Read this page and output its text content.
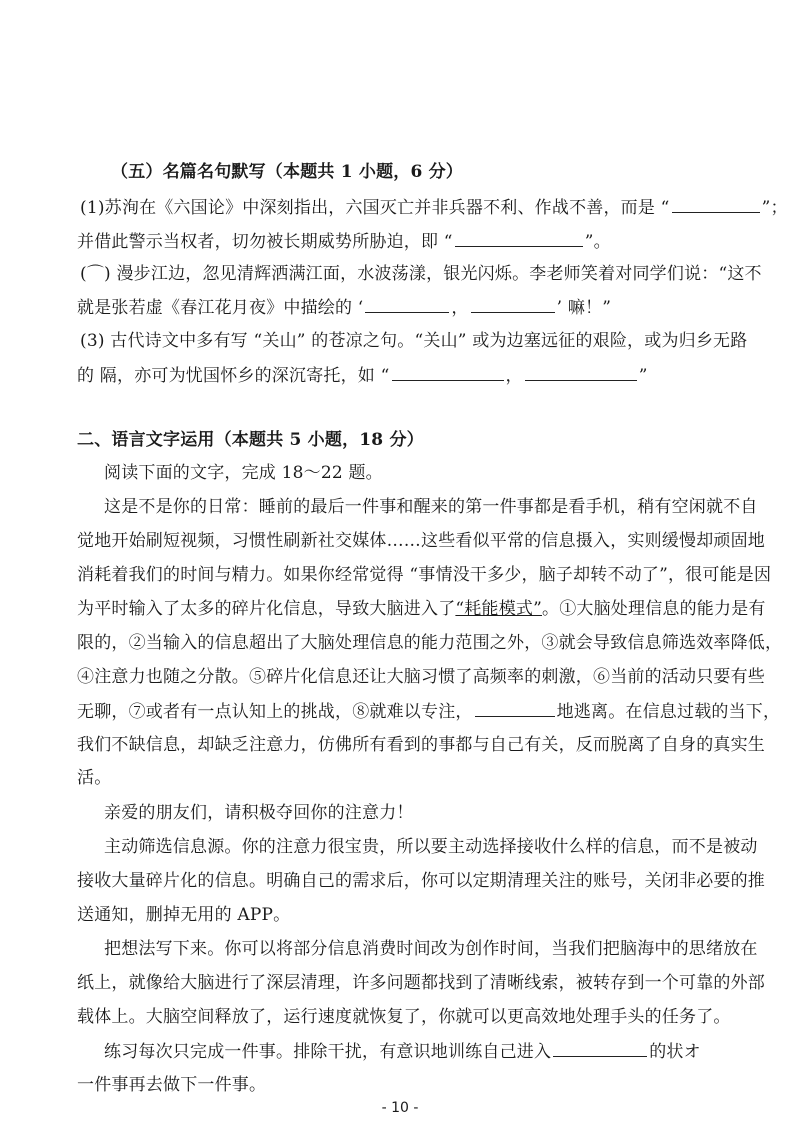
（五）名篇名句默写（本题共 1 小题，6 分）
(1)苏洵在《六国论》中深刻指出，六国灭亡并非兵器不利、作战不善，而是 “	”；
并借此警示当权者，切勿被长期威势所胁迫，即 “	”。
(⌒) 漫步江边，忽见清辉洒满江面，水波荡漾，银光闪烁。李老师笑着对同学们说：“这不
就是张若虚《春江花月夜》中描绘的 ‘	，	’ 嘛！”
(3) 古代诗文中多有写 “关山” 的苍凉之句。“关山” 或为边塞远征的艰险，或为归乡无路
的 隔，亦可为忧国怀乡的深沉寄托，如 “	，	”
二、语言文字运用（本题共 5 小题，18 分）
阅读下面的文字，完成 18～22 题。
这是不是你的日常：睡前的最后一件事和醒来的第一件事都是看手机，稍有空闲就不自
觉地开始刷短视频，习惯性刷新社交媒体……这些看似平常的信息摄入，实则缓慢却顽固地
消耗着我们的时间与精力。如果你经常觉得 “事情没干多少，脑子却转不动了”，很可能是因
为平时输入了太多的碎片化信息，导致大脑进入了“耗能模式”。①大脑处理信息的能力是有
限的，②当输入的信息超出了大脑处理信息的能力范围之外，③就会导致信息筛选效率降低，
④注意力也随之分散。⑤碎片化信息还让大脑习惯了高频率的刺激，⑥当前的活动只要有些
无聊，⑦或者有一点认知上的挑战，⑧就难以专注，	地逃离。在信息过载的当下，
我们不缺信息，却缺乏注意力，仿佛所有看到的事都与自己有关，反而脱离了自身的真实生
活。
亲爱的朋友们，请积极夺回你的注意力！
主动筛选信息源。你的注意力很宝贵，所以要主动选择接收什么样的信息，而不是被动
接收大量碎片化的信息。明确自己的需求后，你可以定期清理关注的账号，关闭非必要的推
送通知，删掉无用的 APP。
把想法写下来。你可以将部分信息消费时间改为创作时间，当我们把脑海中的思绪放在
纸上，就像给大脑进行了深层清理，许多问题都找到了清晰线索，被转存到一个可靠的外部
载体上。大脑空间释放了，运行速度就恢复了，你就可以更高效地处理手头的任务了。
练习每次只完成一件事。排除干扰，有意识地训练自己进入	的状オ
一件事再去做下一件事。
- 10 -
